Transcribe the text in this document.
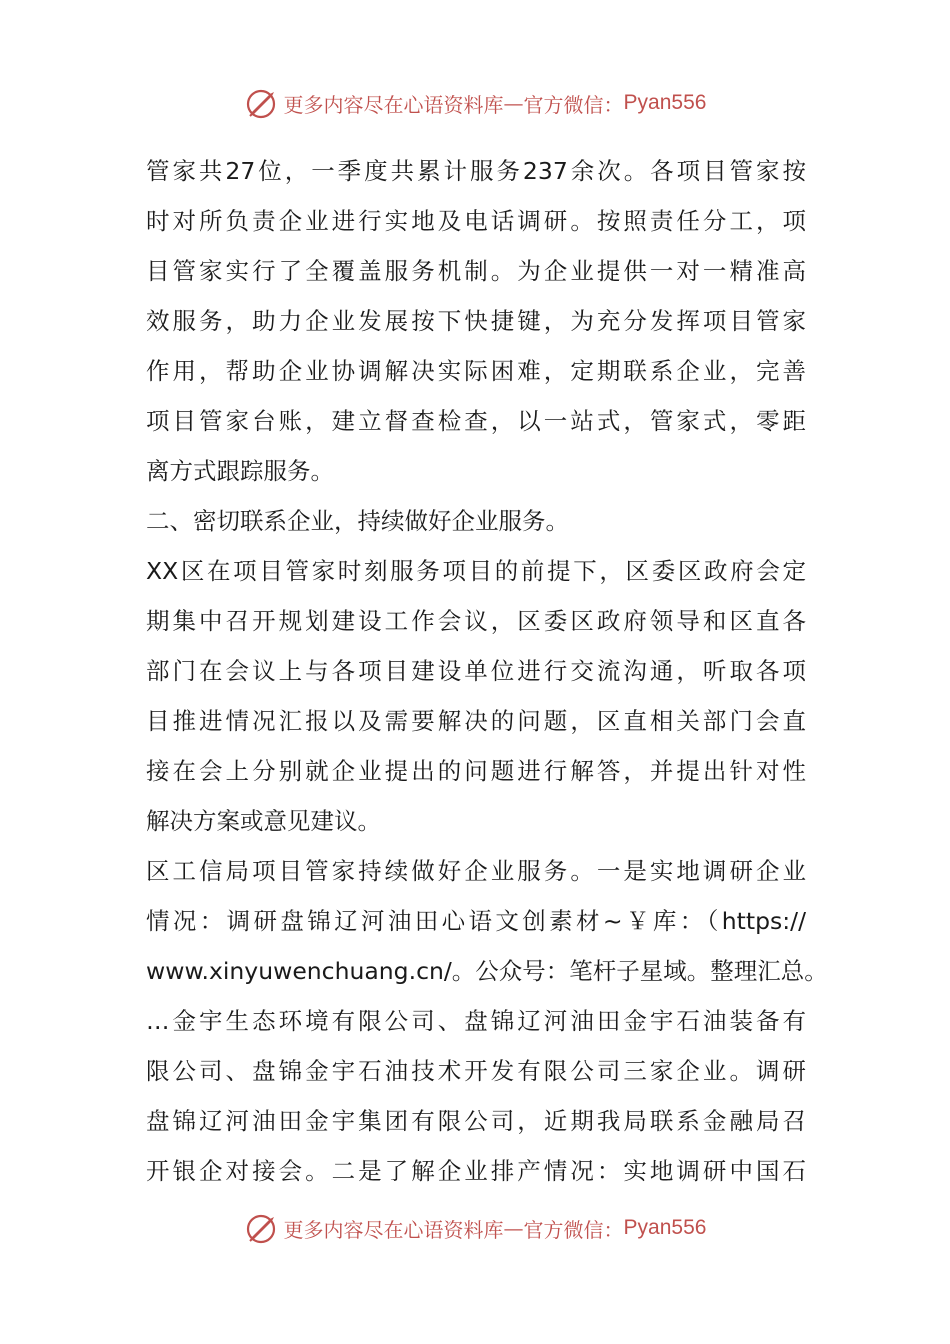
更多内容尽在心语资料库 — 官方微信： Pyan556
管家共27位，一季度共累计服务237余次。各项目管家按
时对所负责企业进行实地及电话调研。按照责任分工，项
目管家实行了全覆盖服务机制。为企业提供一对一精准高
效服务，助力企业发展按下快捷键，为充分发挥项目管家
作用，帮助企业协调解决实际困难，定期联系企业，完善
项目管家台账，建立督查检查，以一站式，管家式，零距
离方式跟踪服务。
二、密切联系企业，持续做好企业服务。
XX区在项目管家时刻服务项目的前提下，区委区政府会定
期集中召开规划建设工作会议，区委区政府领导和区直各
部门在会议上与各项目建设单位进行交流沟通，听取各项
目推进情况汇报以及需要解决的问题，区直相关部门会直
接在会上分别就企业提出的问题进行解答，并提出针对性
解决方案或意见建议。
区工信局项目管家持续做好企业服务。一是实地调研企业
情况：调研盘锦辽河油田心语文创素材~￥库：（https://
www.xinyuwenchuang.cn/。公众号：笔杆子星域。整理汇总。
…金宇生态环境有限公司、盘锦辽河油田金宇石油装备有
限公司、盘锦金宇石油技术开发有限公司三家企业。调研
盘锦辽河油田金宇集团有限公司，近期我局联系金融局召
开银企对接会。二是了解企业排产情况：实地调研中国石
更多内容尽在心语资料库 — 官方微信： Pyan556
